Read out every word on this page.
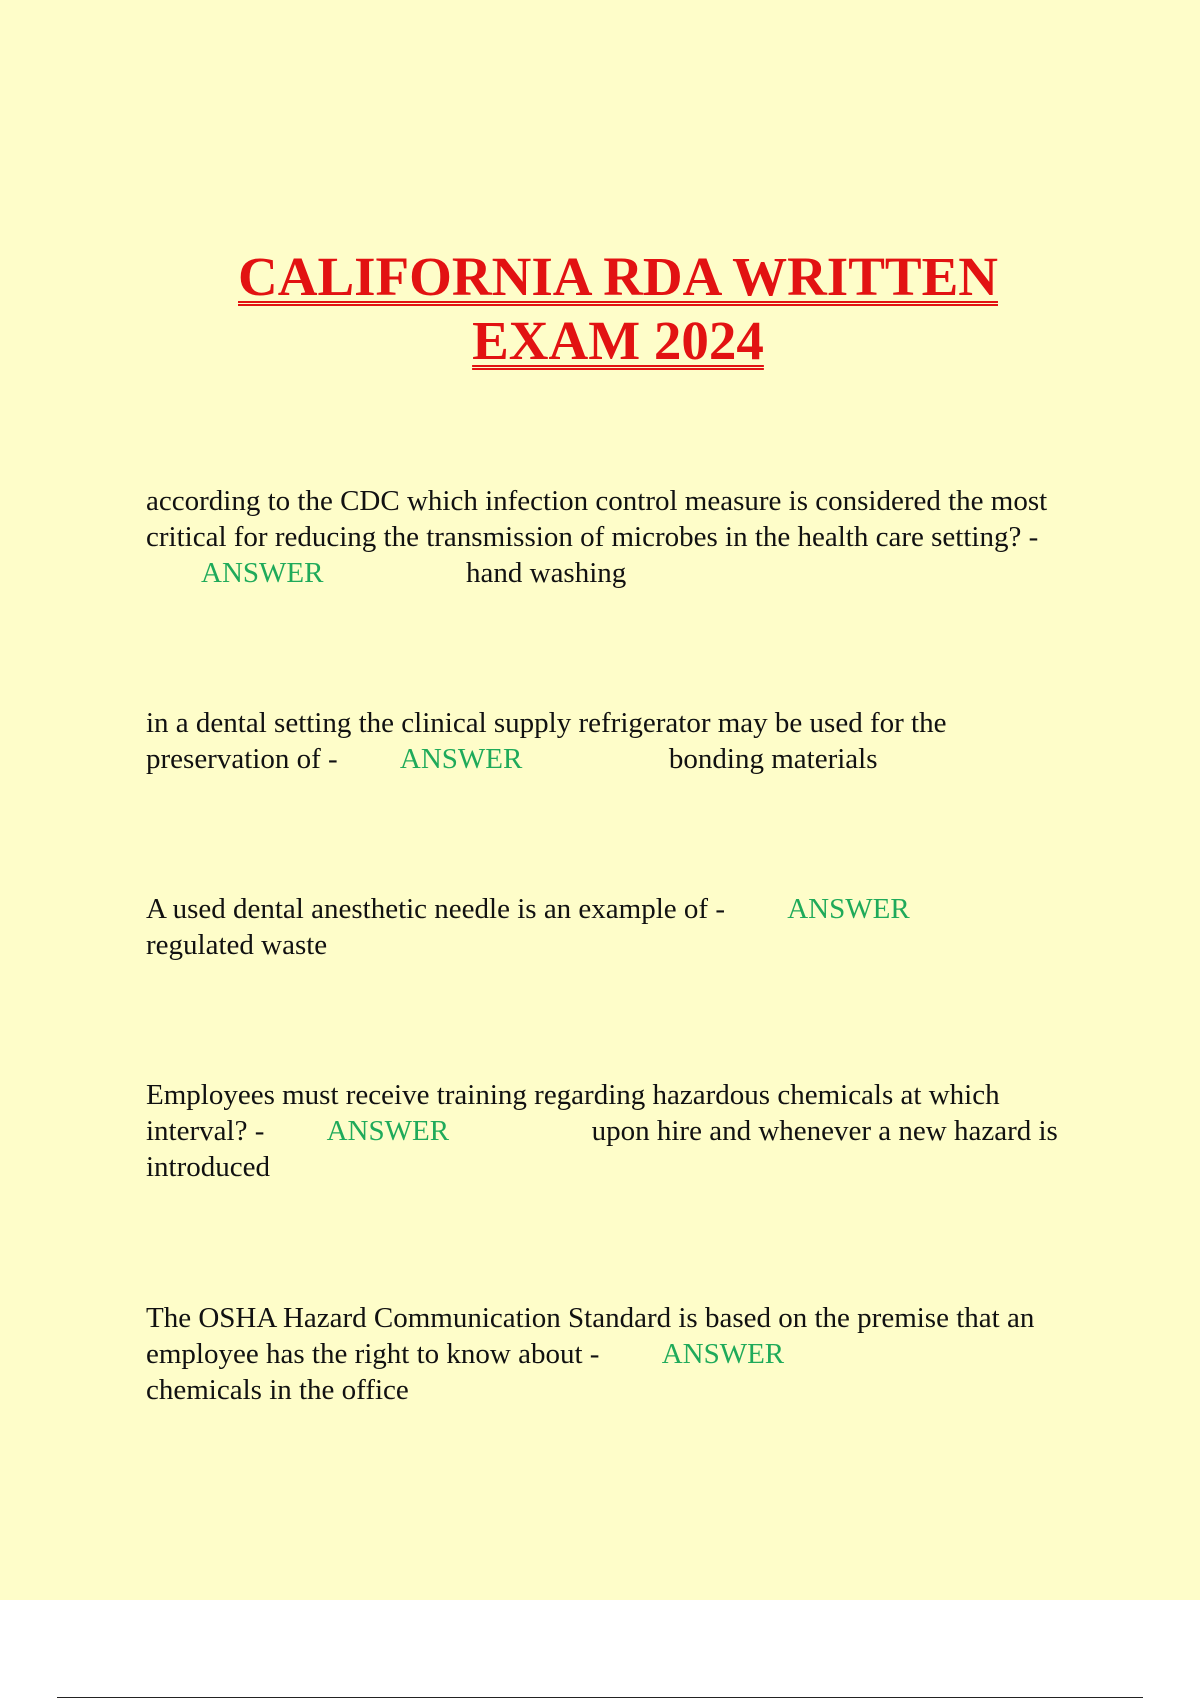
CALIFORNIA RDA WRITTEN
EXAM 2024

according to the CDC which infection control measure is considered the most critical for reducing the transmission of microbes in the health care setting? - ANSWER	hand washing

in a dental setting the clinical supply refrigerator may be used for the preservation of - ANSWER	bonding materials

A used dental anesthetic needle is an example of - ANSWER
regulated waste

Employees must receive training regarding hazardous chemicals at which interval? - ANSWER	upon hire and whenever a new hazard is introduced

The OSHA Hazard Communication Standard is based on the premise that an employee has the right to know about - ANSWER
chemicals in the office
